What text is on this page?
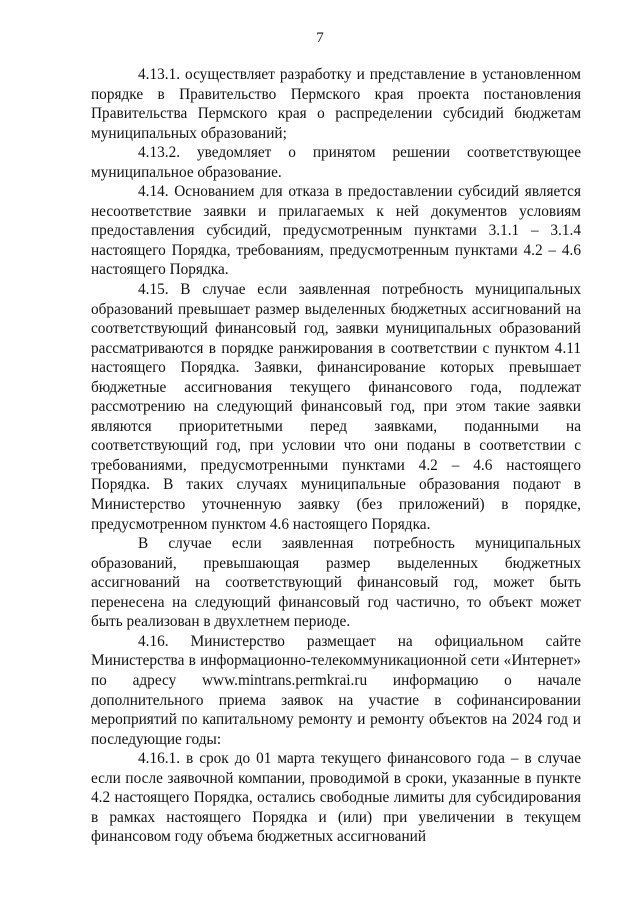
7

4.13.1. осуществляет разработку и представление в установленном порядке в Правительство Пермского края проекта постановления Правительства Пермского края о распределении субсидий бюджетам муниципальных образований;

4.13.2. уведомляет о принятом решении соответствующее муниципальное образование.

4.14. Основанием для отказа в предоставлении субсидий является несоответствие заявки и прилагаемых к ней документов условиям предоставления субсидий, предусмотренным пунктами 3.1.1 – 3.1.4 настоящего Порядка, требованиям, предусмотренным пунктами 4.2 – 4.6 настоящего Порядка.

4.15. В случае если заявленная потребность муниципальных образований превышает размер выделенных бюджетных ассигнований на соответствующий финансовый год, заявки муниципальных образований рассматриваются в порядке ранжирования в соответствии с пунктом 4.11 настоящего Порядка. Заявки, финансирование которых превышает бюджетные ассигнования текущего финансового года, подлежат рассмотрению на следующий финансовый год, при этом такие заявки являются приоритетными перед заявками, поданными на соответствующий год, при условии что они поданы в соответствии с требованиями, предусмотренными пунктами 4.2 – 4.6 настоящего Порядка. В таких случаях муниципальные образования подают в Министерство уточненную заявку (без приложений) в порядке, предусмотренном пунктом 4.6 настоящего Порядка.

В случае если заявленная потребность муниципальных образований, превышающая размер выделенных бюджетных ассигнований на соответствующий финансовый год, может быть перенесена на следующий финансовый год частично, то объект может быть реализован в двухлетнем периоде.

4.16. Министерство размещает на официальном сайте Министерства в информационно-телекоммуникационной сети «Интернет» по адресу www.mintrans.permkrai.ru информацию о начале дополнительного приема заявок на участие в софинансировании мероприятий по капитальному ремонту и ремонту объектов на 2024 год и последующие годы:

4.16.1. в срок до 01 марта текущего финансового года – в случае если после заявочной компании, проводимой в сроки, указанные в пункте 4.2 настоящего Порядка, остались свободные лимиты для субсидирования в рамках настоящего Порядка и (или) при увеличении в текущем финансовом году объема бюджетных ассигнований
